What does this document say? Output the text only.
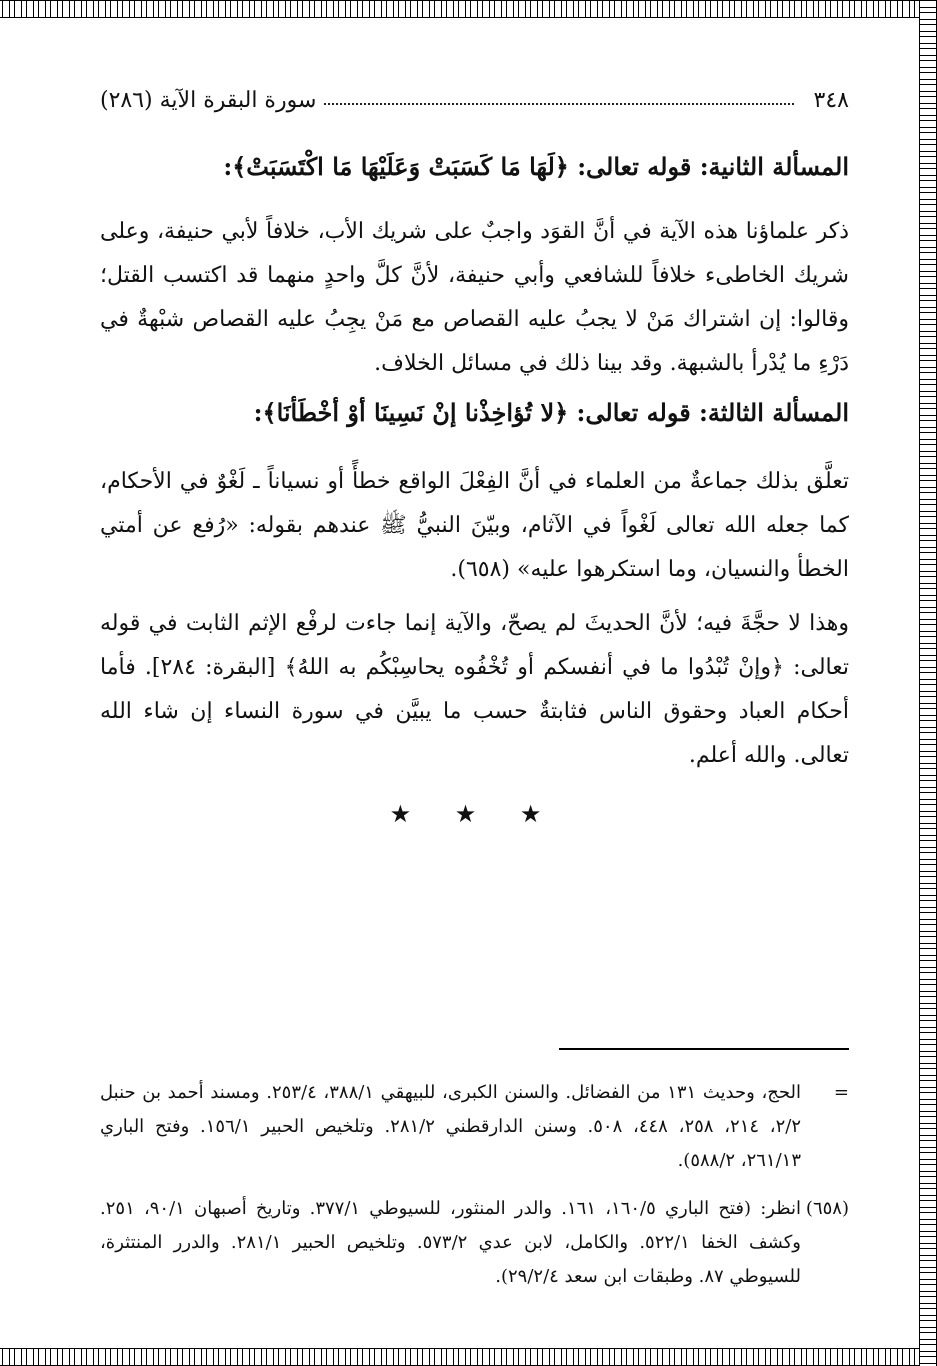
٣٤٨
سورة البقرة الآية (٢٨٦)

المسألة الثانية: قوله تعالى: ﴿لَهَا مَا كَسَبَتْ وَعَلَيْهَا مَا اكْتَسَبَتْ﴾:

ذكر علماؤنا هذه الآية في أنَّ القوَد واجبٌ على شريك الأب، خلافاً لأبي حنيفة، وعلى شريك الخاطىء خلافاً للشافعي وأبي حنيفة، لأنَّ كلَّ واحدٍ منهما قد اكتسب القتل؛ وقالوا: إن اشتراك مَنْ لا يجبُ عليه القصاص مع مَنْ يجِبُ عليه القصاص شبْهةٌ في دَرْءِ ما يُدْرأ بالشبهة. وقد بينا ذلك في مسائل الخلاف.

المسألة الثالثة: قوله تعالى: ﴿لا تُؤاخِذْنا إنْ نَسِينَا أوْ أخْطَأنَا﴾:

تعلَّق بذلك جماعةٌ من العلماء في أنَّ الفِعْلَ الواقع خطأً أو نسياناً ـ لَغْوٌ في الأحكام، كما جعله الله تعالى لَغْواً في الآثام، وبيّنَ النبيُّ ﷺ عندهم بقوله: «رُفع عن أمتي الخطأ والنسيان، وما استكرهوا عليه» (٦٥٨).

وهذا لا حجَّةَ فيه؛ لأنَّ الحديثَ لم يصحّ، والآية إنما جاءت لرفْع الإثم الثابت في قوله تعالى: ﴿وإنْ تُبْدُوا ما في أنفسكم أو تُخْفُوه يحاسِبْكُم به اللهُ﴾ [البقرة: ٢٨٤]. فأما أحكام العباد وحقوق الناس فثابتةٌ حسب ما يبيَّن في سورة النساء إن شاء الله تعالى. والله أعلم.

★ ★ ★
=
الحج، وحديث ١٣١ من الفضائل. والسنن الكبرى، للبيهقي ٣٨٨/١، ٢٥٣/٤. ومسند أحمد بن حنبل ٢/٢، ٢١٤، ٢٥٨، ٤٤٨، ٥٠٨. وسنن الدارقطني ٢٨١/٢. وتلخيص الحبير ١٥٦/١. وفتح الباري ٢٦١/١٣، ٥٨٨/٢).
(٦٥٨)
انظر: (فتح الباري ١٦٠/٥، ١٦١. والدر المنثور، للسيوطي ٣٧٧/١. وتاريخ أصبهان ٩٠/١، ٢٥١. وكشف الخفا ٥٢٢/١. والكامل، لابن عدي ٥٧٣/٢. وتلخيص الحبير ٢٨١/١. والدرر المنتثرة، للسيوطي ٨٧. وطبقات ابن سعد ٢٩/٢/٤).
